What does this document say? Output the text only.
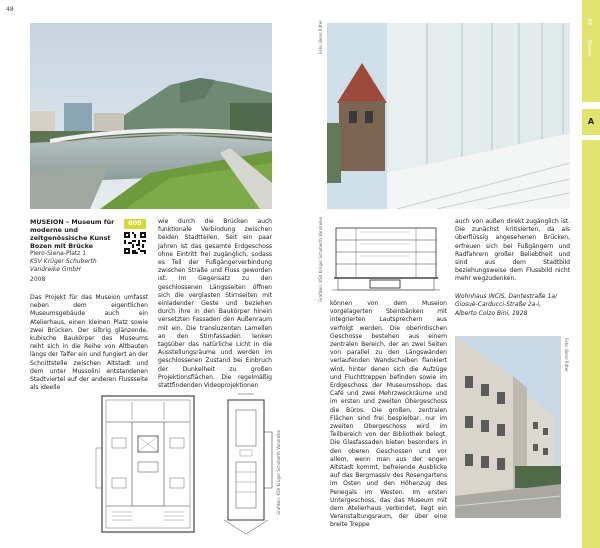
48
MUSEION – Museum für moderne und zeitgenössische Kunst Bozen mit Brücke
Piero-Siena-Platz 1
KSV Krüger Schuberth Vandreike GmbH
2008
009

Das Projekt für das Museion umfasst neben dem eigentlichen Museumsgebäude auch ein Atelierhaus, einen kleinen Platz sowie zwei Brücken. Der silbrig glänzende, kubische Baukörper des Museums reiht sich in die Reihe von Altbauten längs der Talfer ein und fungiert an der Schnittstelle zwischen Altstadt und dem unter Mussolini entstandenen Stadtviertel auf der anderen Flussseite als ideelle

wie durch die Brücken auch funktionale Verbindung zwischen beiden Stadtteilen. Seit ein paar Jahren ist das gesamte Erdgeschoss ohne Eintritt frei zugänglich, sodass es Teil der Fußgängerverbindung zwischen Straße und Fluss geworden ist. Im Gegensatz zu den geschlossenen Längsseiten öffnen sich die verglasten Stirnseiten mit einladender Geste und beziehen durch ihre in den Baukörper hinein versetzten Fassaden den Außenraum mit ein. Die transluzenten Lamellen an den Stirnfassaden lenken tagsüber das natürliche Licht in die Ausstellungsräume und werden im geschlossenen Zustand bei Einbruch der Dunkelheit zu großen Projektionsflächen. Die regelmäßig stattfindenden Videoprojektionen

Grafiken: KSV Krüger Schuberth Vandreike
Foto: Bend Ritter	49
Bozen
A
Grafiken: KSV Krüger Schuberth Vandreike

können von dem Museion vorgelagerten Steinbänken mit integrierten Lautsprechern aus verfolgt werden. Die oberirdischen Geschosse bestehen aus einem zentralen Bereich, der an zwei Seiten von parallel zu den Längswänden verlaufenden Wandscheiben flankiert wird, hinter denen sich die Aufzüge und Fluchttreppen befinden sowie im Erdgeschoss der Museumsshop, das Café und zwei Mehrzweckräume und im ersten und zweiten Obergeschoss die Büros. Die großen, zentralen Flächen sind frei bespielbar, nur im zweiten Obergeschoss wird im Teilbereich von der Bibliothek belegt. Die Glasfassaden bieten besonders in den oberen Geschossen und vor allem, wenn man aus der engen Altstadt kommt, befreiende Ausblicke auf das Bergmassiv des Rosengartens im Osten und den Höhenzug des Penegals im Westen. Im ersten Untergeschoss, das das Museum mit dem Atelierhaus verbindet, liegt ein Veranstaltungsraum, der über eine breite Treppe

auch von außen direkt zugänglich ist. Die zunächst kritisierten, da als überflüssig angesehenen Brücken, erfreuen sich bei Fußgängern und Radfahrern großer Beliebtheit und sind aus dem Stadtbild beziehungsweise dem Flussbild nicht mehr wegzudenken.

Wohnhaus INCIS, Dantestraße 1a/ Giosuè-Carducci-Straße 2a-i,
Alberto Colzo Bini, 1928
Foto: Bend Ritter
